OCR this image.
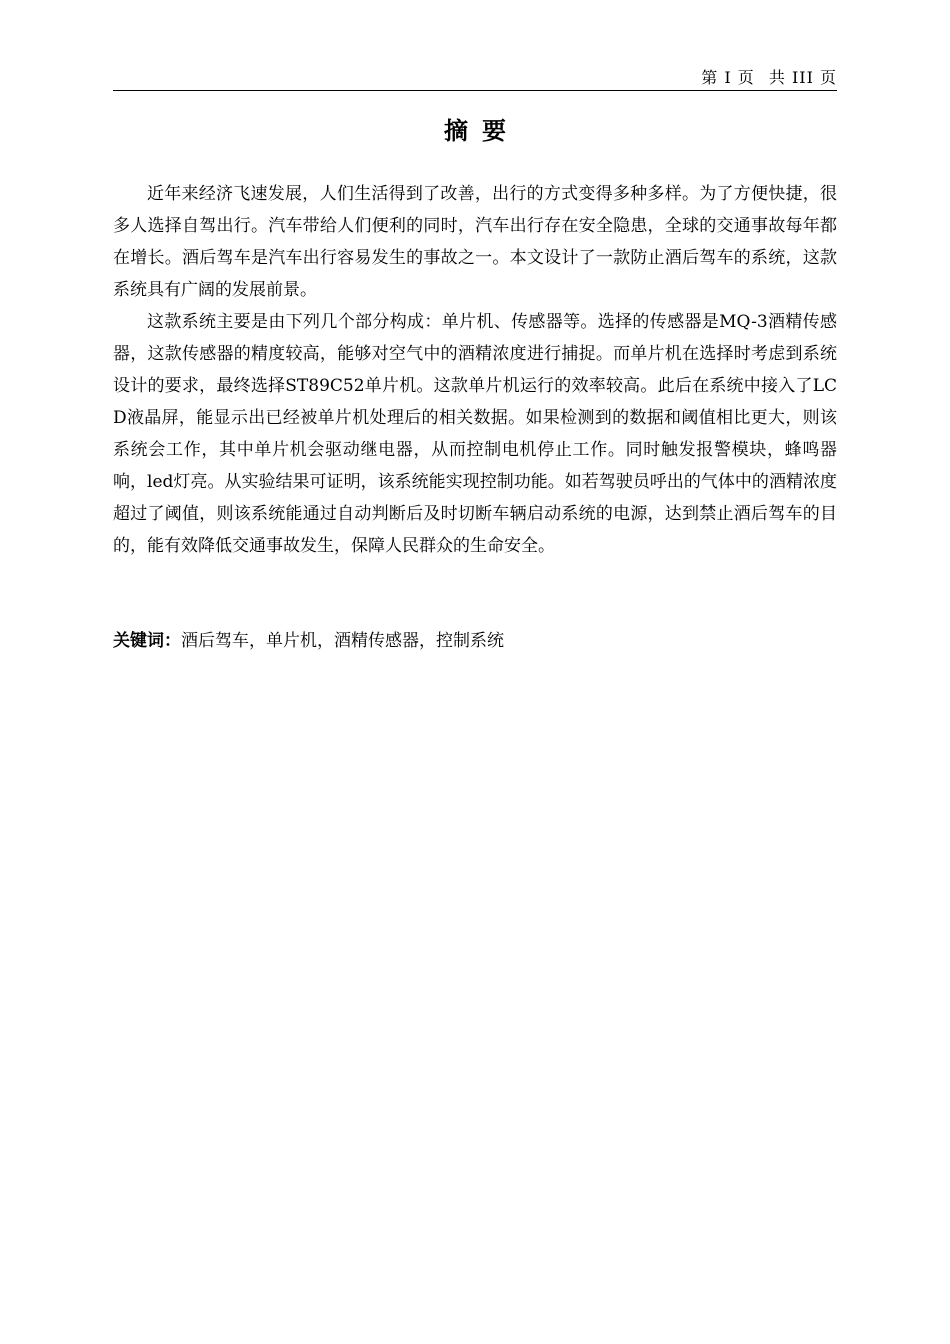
第 I 页 共 III 页
摘要

近年来经济飞速发展，人们生活得到了改善，出行的方式变得多种多样。为了方便快捷，很多人选择自驾出行。汽车带给人们便利的同时，汽车出行存在安全隐患，全球的交通事故每年都在增长。酒后驾车是汽车出行容易发生的事故之一。本文设计了一款防止酒后驾车的系统，这款系统具有广阔的发展前景。

这款系统主要是由下列几个部分构成：单片机、传感器等。选择的传感器是MQ-3酒精传感器，这款传感器的精度较高，能够对空气中的酒精浓度进行捕捉。而单片机在选择时考虑到系统设计的要求，最终选择ST89C52单片机。这款单片机运行的效率较高。此后在系统中接入了LCD液晶屏，能显示出已经被单片机处理后的相关数据。如果检测到的数据和阈值相比更大，则该系统会工作，其中单片机会驱动继电器，从而控制电机停止工作。同时触发报警模块，蜂鸣器响，led灯亮。从实验结果可证明，该系统能实现控制功能。如若驾驶员呼出的气体中的酒精浓度超过了阈值，则该系统能通过自动判断后及时切断车辆启动系统的电源，达到禁止酒后驾车的目的，能有效降低交通事故发生，保障人民群众的生命安全。

关键词：酒后驾车，单片机，酒精传感器，控制系统
